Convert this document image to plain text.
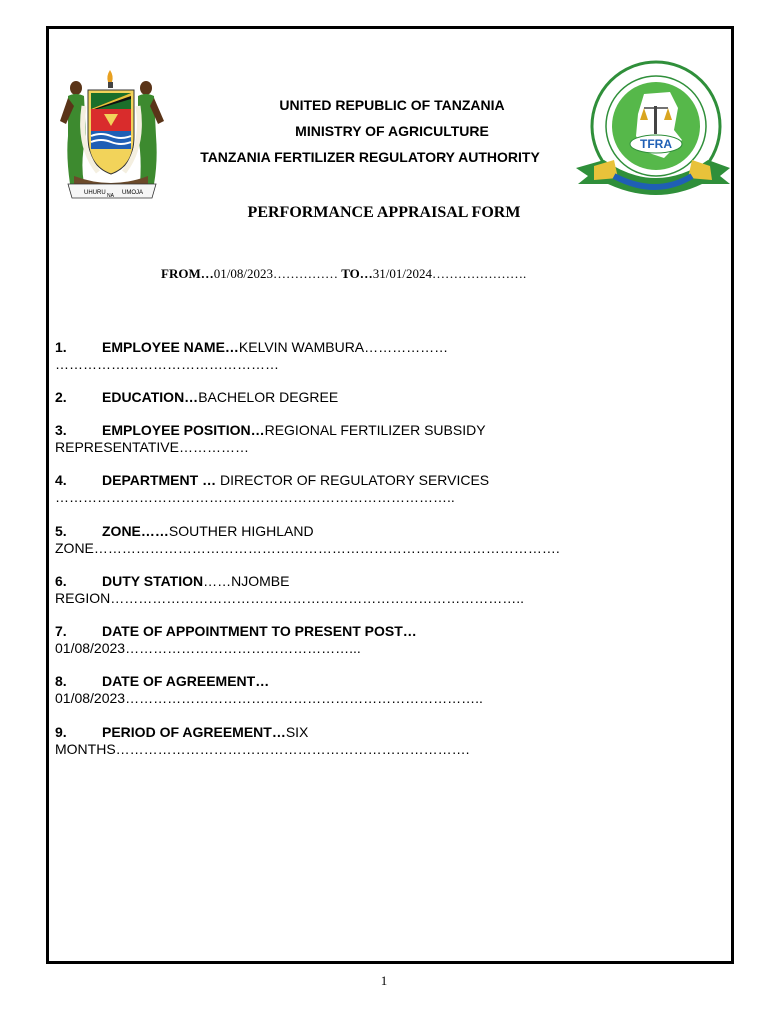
UHURU NA UMOJA
TFRA
UNITED REPUBLIC OF TANZANIA
MINISTRY OF AGRICULTURE
TANZANIA FERTILIZER REGULATORY AUTHORITY
PERFORMANCE APPRAISAL FORM
FROM…01/08/2023…………… TO…31/01/2024………………….
1.	EMPLOYEE NAME…KELVIN WAMBURA………………
…………………………………………
2.	EDUCATION…BACHELOR DEGREE
3.	EMPLOYEE POSITION…REGIONAL FERTILIZER SUBSIDY
REPRESENTATIVE……………
4.	DEPARTMENT … DIRECTOR OF REGULATORY SERVICES
…………………………………………………………………………..
5.	ZONE……SOUTHER HIGHLAND
ZONE……………………………………………………………………………………….
6.	DUTY STATION……NJOMBE
REGION……………………………………………………………………………..
7.	DATE OF APPOINTMENT TO PRESENT POST…
01/08/2023…………………………………………...
8.	DATE OF AGREEMENT…
01/08/2023…………………………………………………………………..
9.	PERIOD OF AGREEMENT…SIX
MONTHS………………………………………………………………….
1
